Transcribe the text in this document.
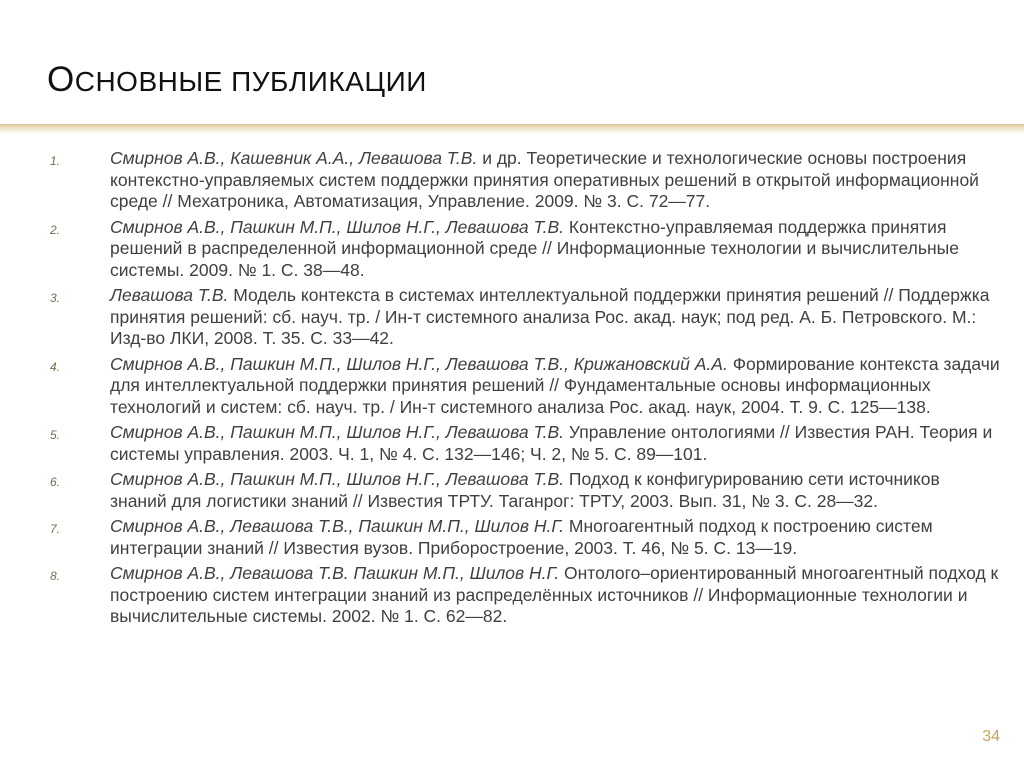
ОСНОВНЫЕ ПУБЛИКАЦИИ
1.	Смирнов А.В., Кашевник А.А., Левашова Т.В. и др. Теоретические и технологические основы построения контекстно-управляемых систем поддержки принятия оперативных решений в открытой информационной среде // Мехатроника, Автоматизация, Управление. 2009. № 3. С. 72—77.
2.	Смирнов А.В., Пашкин М.П., Шилов Н.Г., Левашова Т.В. Контекстно-управляемая поддержка принятия решений в распределенной информационной среде // Информационные технологии и вычислительные системы. 2009. № 1. С. 38—48.
3.	Левашова Т.В. Модель контекста в системах интеллектуальной поддержки принятия решений // Поддержка принятия решений: сб. науч. тр. / Ин-т системного анализа Рос. акад. наук; под ред. А. Б. Петровского. М.: Изд-во ЛКИ, 2008. Т. 35. С. 33—42.
4.	Смирнов А.В., Пашкин М.П., Шилов Н.Г., Левашова Т.В., Крижановский А.А. Формирование контекста задачи для интеллектуальной поддержки принятия решений // Фундаментальные основы информационных технологий и систем: сб. науч. тр. / Ин-т системного анализа Рос. акад. наук, 2004. Т. 9. С. 125—138.
5.	Смирнов А.В., Пашкин М.П., Шилов Н.Г., Левашова Т.В. Управление онтологиями // Известия РАН. Теория и системы управления. 2003. Ч. 1, № 4. С. 132—146; Ч. 2, № 5. С. 89—101.
6.	Смирнов А.В., Пашкин М.П., Шилов Н.Г., Левашова Т.В. Подход к конфигурированию сети источников знаний для логистики знаний // Известия ТРТУ. Таганрог: ТРТУ, 2003. Вып. 31, № 3. С. 28—32.
7.	Смирнов А.В., Левашова Т.В., Пашкин М.П., Шилов Н.Г. Многоагентный подход к построению систем интеграции знаний // Известия вузов. Приборостроение, 2003. Т. 46, № 5. С. 13—19.
8.	Смирнов А.В., Левашова Т.В. Пашкин М.П., Шилов Н.Г. Онтолого–ориентированный многоагентный подход к построению систем интеграции знаний из распределённых источников // Информационные технологии и вычислительные системы. 2002. № 1. С. 62—82.
34
